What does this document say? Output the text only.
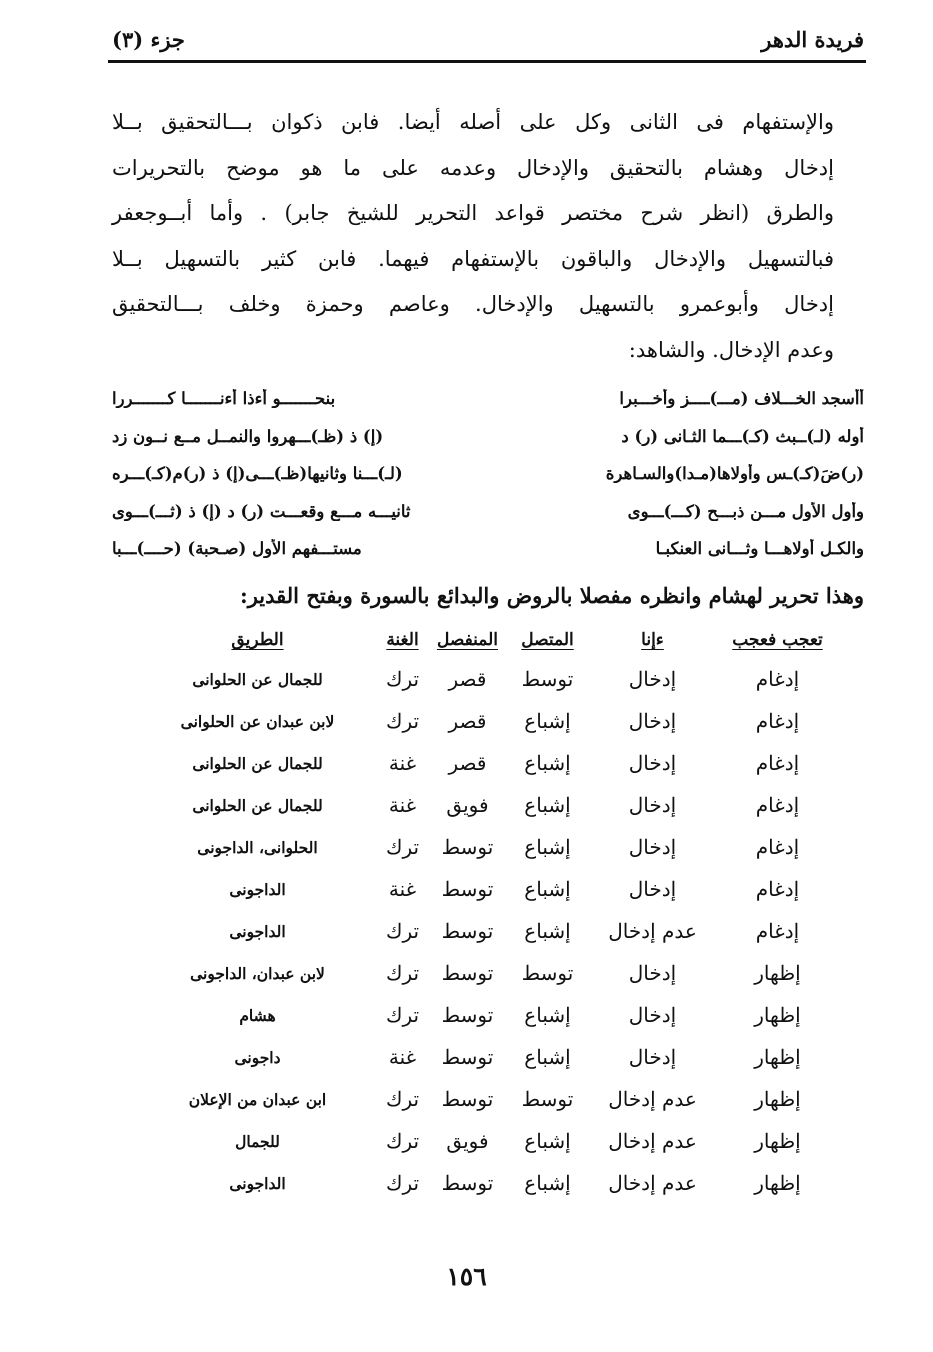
فريدة الدهر
جزء (٣)
والإستفهام فى الثانى وكل على أصله أيضا. فابن ذكوان بـــالتحقيق بــلا
إدخال وهشام بالتحقيق والإدخال وعدمه على ما هو موضح بالتحريرات
والطرق (انظر شرح مختصر قواعد التحرير للشيخ جابر) . وأما أبــوجعفر
فبالتسهيل والإدخال والباقون بالإستفهام فيهما. فابن كثير بالتسهيل بــلا
إدخال وأبوعمرو بالتسهيل والإدخال. وعاصم وحمزة وخلف بـــالتحقيق
وعدم الإدخال. والشاهد:
أأسجد الخـــلاف (مـــ)ــــز وأخـــبرا
بنحـــــــو أءذا أءنـــــــا كـــــــررا
أوله (لـ)ــبث (كـ)ـــما الثـانى (ر) د
(إ) ذ (ظـ)ـــهروا والنمــل مــع نــون زد
(ر)ضَ(كـ)ـس وأولاها(مـدا)والسـاهرة
(لـ)ـــنا وثانيها(ظـ)ـــى(إ) ذ (ر)م(كـ)ـــره
وأول الأول مـــن ذبـــح (كـــ)ـــوى
ثانيـــه مـــع وقعـــت (ر) د (إ) ذ (ثـــ)ـــوى
والكـل أولاهـــا وثـــانى العنكبـا
مستـــفهم الأول (صـحبة) (حــــ)ـــبا
وهذا تحرير لهشام وانظره مفصلا بالروض والبدائع بالسورة وبفتح القدير:
تعجب فعجب	ءإنا	المتصل	المنفصل	الغنة	الطريق
إدغام	إدخال	توسط	قصر	ترك	للجمال عن الحلوانى
إدغام	إدخال	إشباع	قصر	ترك	لابن عبدان عن الحلوانى
إدغام	إدخال	إشباع	قصر	غنة	للجمال عن الحلوانى
إدغام	إدخال	إشباع	فويق	غنة	للجمال عن الحلوانى
إدغام	إدخال	إشباع	توسط	ترك	الحلوانى، الداجونى
إدغام	إدخال	إشباع	توسط	غنة	الداجونى
إدغام	عدم إدخال	إشباع	توسط	ترك	الداجونى
إظهار	إدخال	توسط	توسط	ترك	لابن عبدان، الداجونى
إظهار	إدخال	إشباع	توسط	ترك	هشام
إظهار	إدخال	إشباع	توسط	غنة	داجونى
إظهار	عدم إدخال	توسط	توسط	ترك	ابن عبدان من الإعلان
إظهار	عدم إدخال	إشباع	فويق	ترك	للجمال
إظهار	عدم إدخال	إشباع	توسط	ترك	الداجونى
١٥٦
